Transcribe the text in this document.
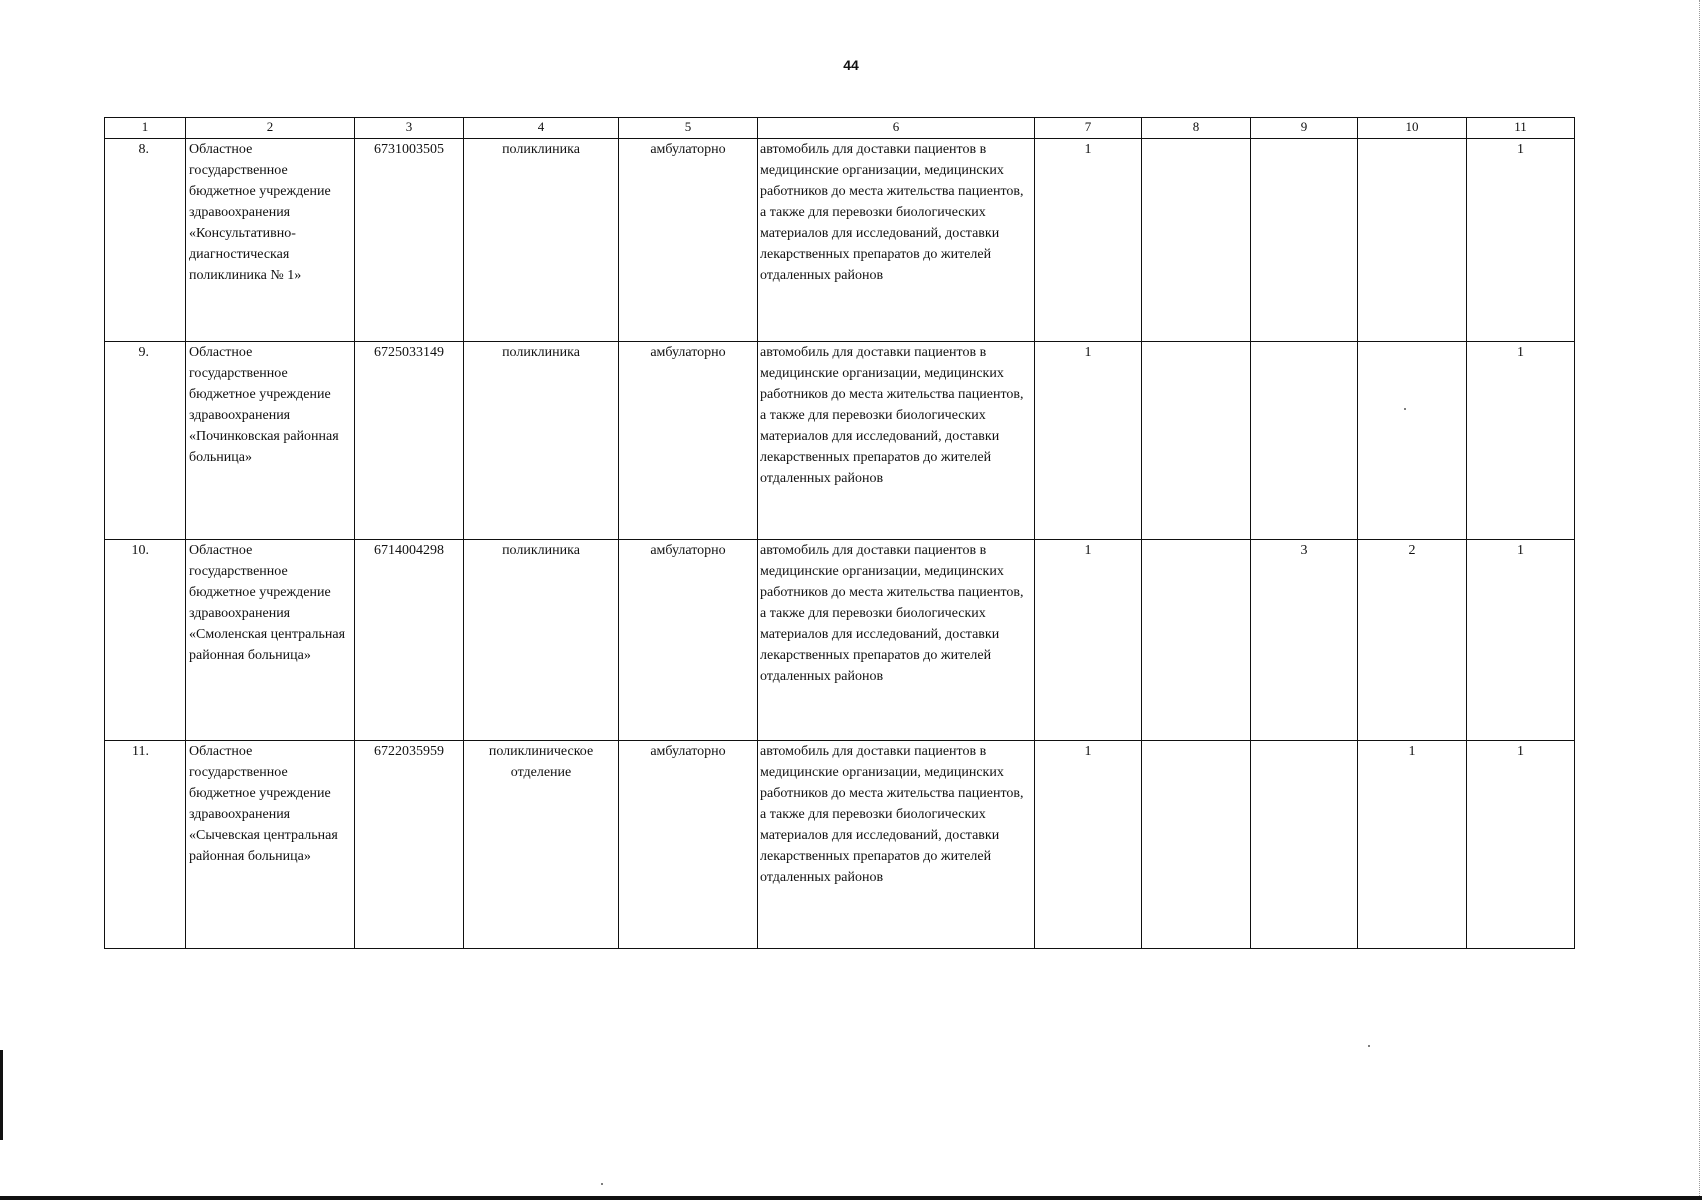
44
1	2	3	4	5	6	7	8	9	10	11
8.	Областное государственное бюджетное учреждение здравоохранения «Консультативно-диагностическая поликлиника № 1»	6731003505	поликлиника	амбулаторно	автомобиль для доставки пациентов в медицинские организации, медицинских работников до места жительства пациентов, а также для перевозки биологических материалов для исследований, доставки лекарственных препаратов до жителей отдаленных районов	1				1
9.	Областное государственное бюджетное учреждение здравоохранения «Починковская районная больница»	6725033149	поликлиника	амбулаторно	автомобиль для доставки пациентов в медицинские организации, медицинских работников до места жительства пациентов, а также для перевозки биологических материалов для исследований, доставки лекарственных препаратов до жителей отдаленных районов	1				1
10.	Областное государственное бюджетное учреждение здравоохранения «Смоленская центральная районная больница»	6714004298	поликлиника	амбулаторно	автомобиль для доставки пациентов в медицинские организации, медицинских работников до места жительства пациентов, а также для перевозки биологических материалов для исследований, доставки лекарственных препаратов до жителей отдаленных районов	1		3	2	1
11.	Областное государственное бюджетное учреждение здравоохранения «Сычевская центральная районная больница»	6722035959	поликлиническое отделение	амбулаторно	автомобиль для доставки пациентов в медицинские организации, медицинских работников до места жительства пациентов, а также для перевозки биологических материалов для исследований, доставки лекарственных препаратов до жителей отдаленных районов	1			1	1
